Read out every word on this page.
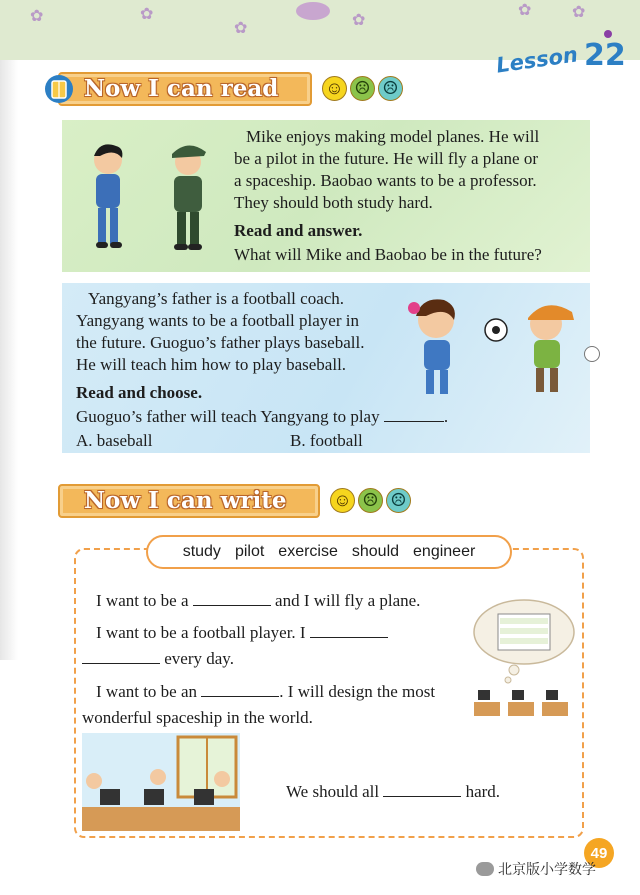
✿	✿
✿	✿
✿	✿
Lesson 22
Now I can read	☺ ☹ ☹
Mike enjoys making model planes. He will
be a pilot in the future. He will fly a plane or
a spaceship. Baobao wants to be a professor.
They should both study hard.
Read and answer.
What will Mike and Baobao be in the future?
Yangyang’s father is a football coach.
Yangyang wants to be a football player in
the future. Guoguo’s father plays baseball.
He will teach him how to play baseball.
Read and choose.
Guoguo’s father will teach Yangyang to play	.
A. baseball	B. football
Now I can write	☺ ☹ ☹
study pilot exercise should engineer
I want to be a	and I will fly a plane.
I want to be a football player. I
every day.
I want to be an	. I will design the most
wonderful spaceship in the world.
We should all	hard.
49
北京版小学数学
